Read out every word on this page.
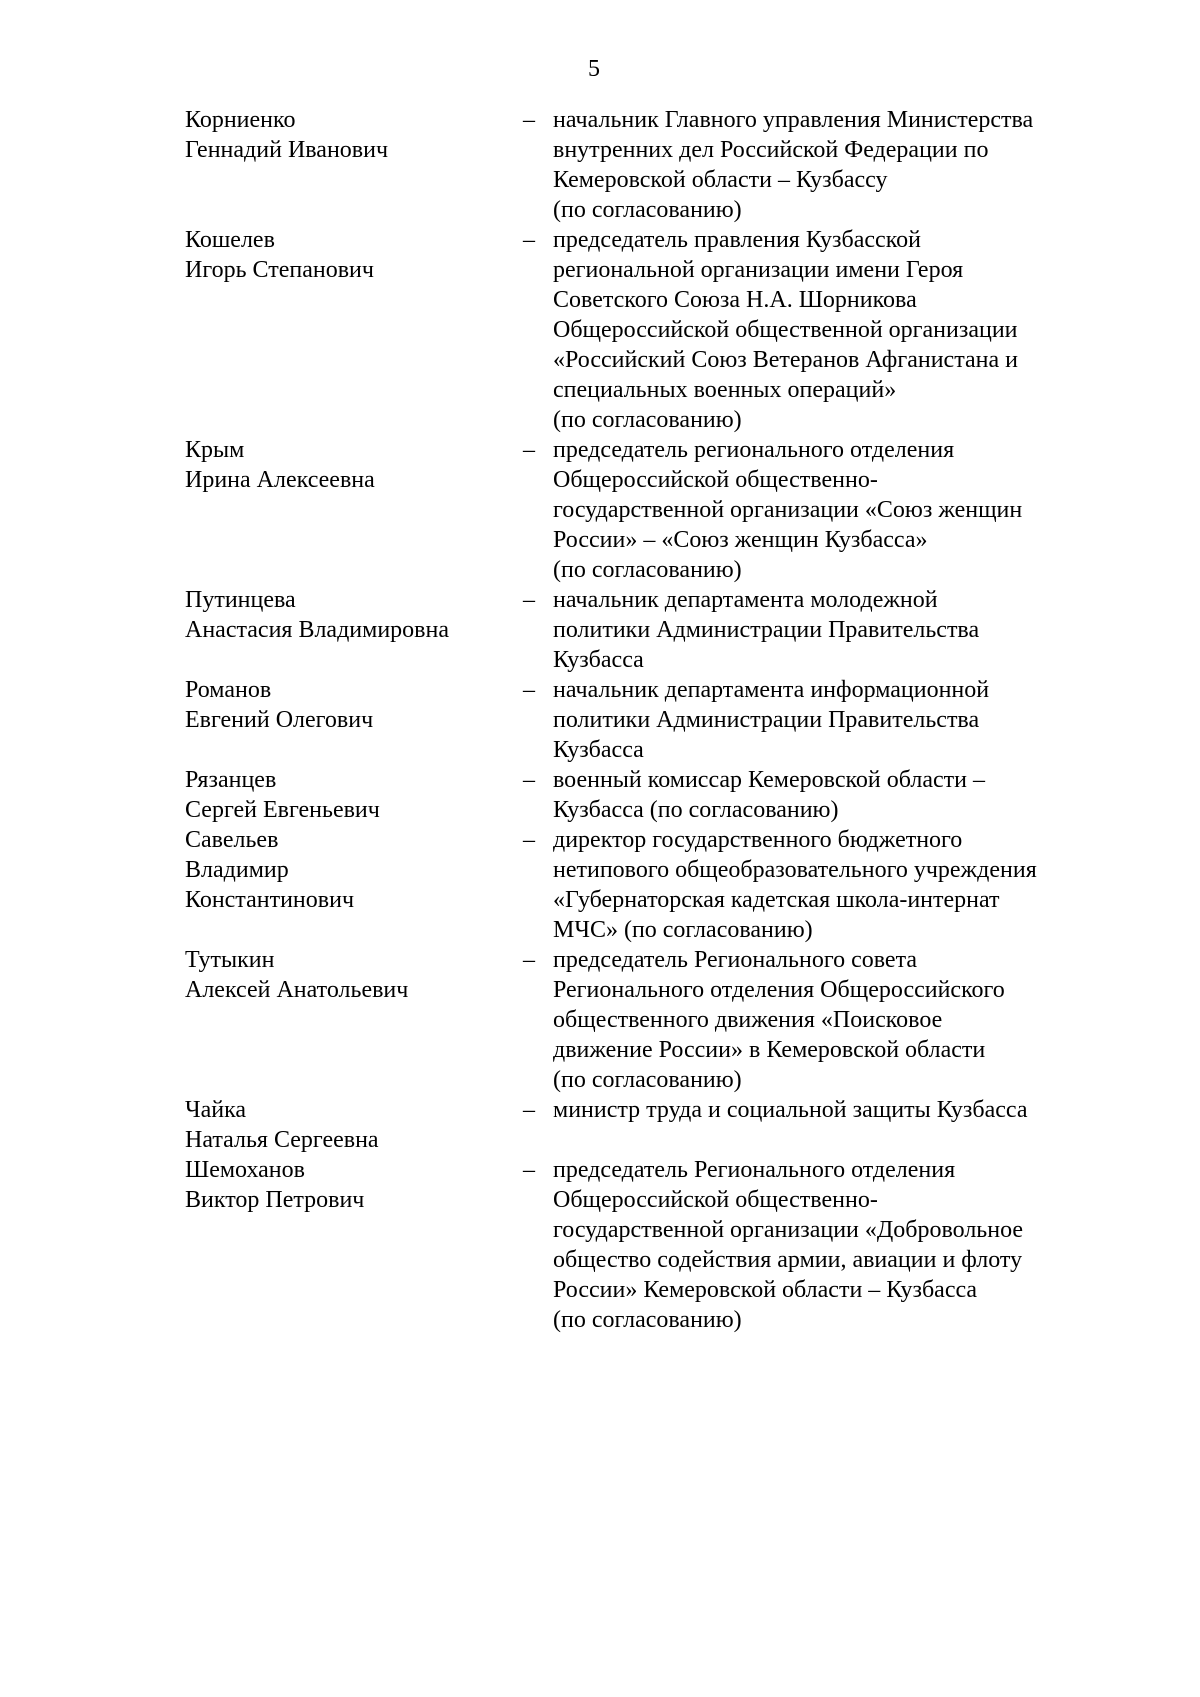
5
Корниенко
Геннадий Иванович
– начальник Главного управления Министерства
внутренних дел Российской Федерации по
Кемеровской области – Кузбассу
(по согласованию)
Кошелев
Игорь Степанович
– председатель правления Кузбасской
региональной организации имени Героя
Советского Союза Н.А. Шорникова
Общероссийской общественной организации
«Российский Союз Ветеранов Афганистана и
специальных военных операций»
(по согласованию)
Крым
Ирина Алексеевна
– председатель регионального отделения
Общероссийской общественно-
государственной организации «Союз женщин
России» – «Союз женщин Кузбасса»
(по согласованию)
Путинцева
Анастасия Владимировна
– начальник департамента молодежной
политики Администрации Правительства
Кузбасса
Романов
Евгений Олегович
– начальник департамента информационной
политики Администрации Правительства
Кузбасса
Рязанцев
Сергей Евгеньевич
– военный комиссар Кемеровской области –
Кузбасса (по согласованию)
Савельев
Владимир
Константинович
– директор государственного бюджетного
нетипового общеобразовательного учреждения
«Губернаторская кадетская школа-интернат
МЧС» (по согласованию)
Тутыкин
Алексей Анатольевич
– председатель Регионального совета
Регионального отделения Общероссийского
общественного движения «Поисковое
движение России» в Кемеровской области
(по согласованию)
Чайка
Наталья Сергеевна
– министр труда и социальной защиты Кузбасса

Шемоханов
Виктор Петрович
– председатель Регионального отделения
Общероссийской общественно-
государственной организации «Добровольное
общество содействия армии, авиации и флоту
России» Кемеровской области – Кузбасса
(по согласованию)
